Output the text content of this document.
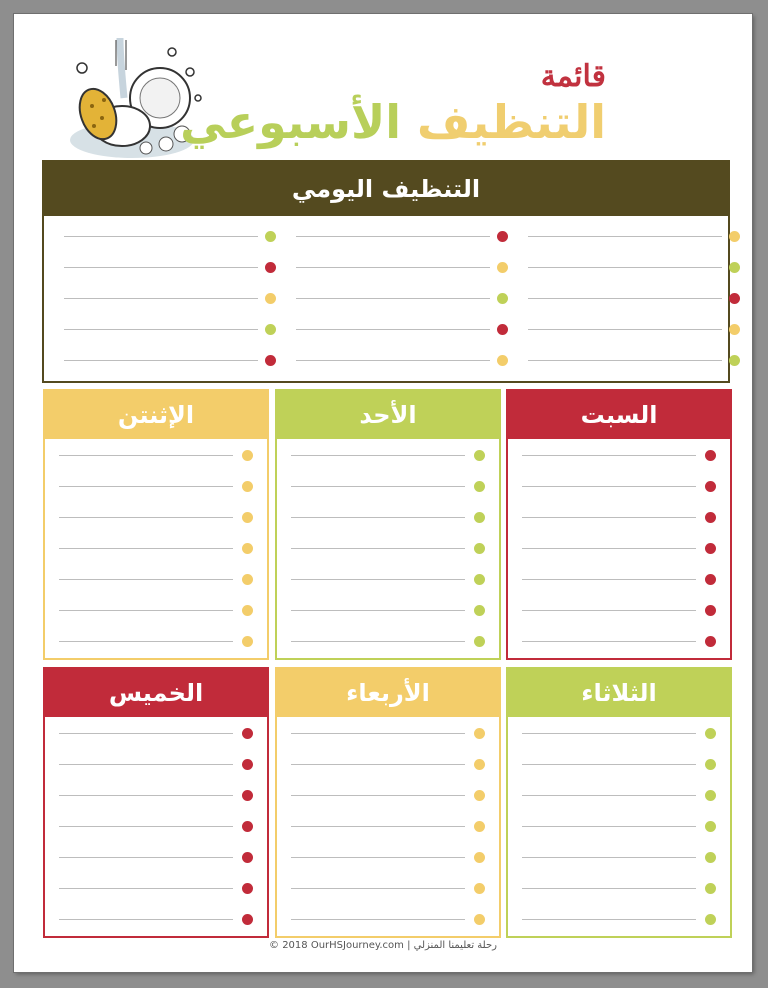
قائمة
التنظيف الأسبوعي
التنظيف اليومي
السبت
الأحد
الإثنتن
الثلاثاء
الأربعاء
الخميس
© 2018 OurHSJourney.com | رحلة تعليمنا المنزلي
